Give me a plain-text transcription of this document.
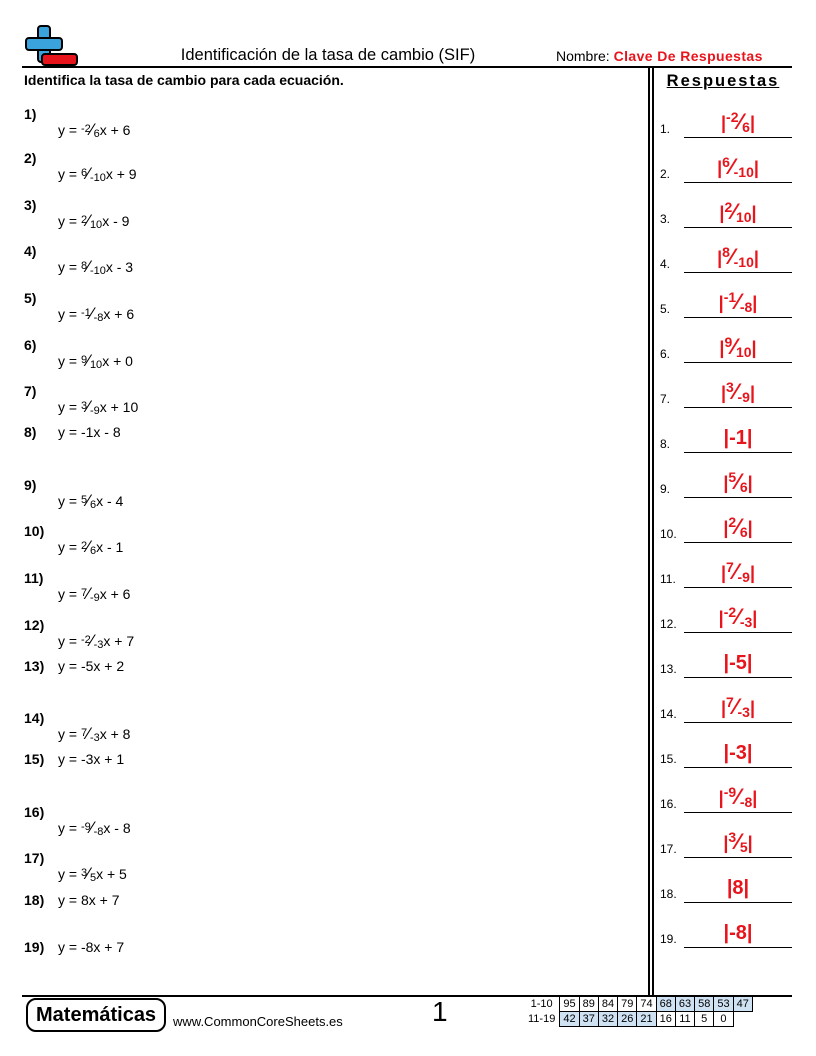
Identificación de la tasa de cambio (SIF)	Nombre: Clave De Respuestas
Identifica la tasa de cambio para cada ecuación.	Respuestas
1)
$y = ^{-2}⁄_6x + 6$
2)
$y = ^6⁄_{-10}x + 9$
3)
$y = ^2⁄_{10}x - 9$
4)
$y = ^8⁄_{-10}x - 3$
5)
$y = ^{-1}⁄_{-8}x + 6$
6)
$y = ^9⁄_{10}x + 0$
7)
$y = ^3⁄_{-9}x + 10$
8) y = -1x - 8
9)
$y = ^5⁄_6x - 4$
10)
$y = ^2⁄_6x - 1$
11)
$y = ^7⁄_{-9}x + 6$
12)
$y = ^{-2}⁄_{-3}x + 7$
13) y = -5x + 2
14)
$y = ^7⁄_{-3}x + 8$
15) y = -3x + 1
16)
$y = ^{-9}⁄_{-8}x - 8$
17)
$y = ^3⁄_5x + 5$
18) y = 8x + 7
19) y = -8x + 7
1.	$|^{-2}⁄_6|$
2.	$|^6⁄_{-10}|$
3.	$|^2⁄_{10}|$
4.	$|^8⁄_{-10}|$
5.	$|^{-1}⁄_{-8}|$
6.	$|^9⁄_{10}|$
7.	$|^3⁄_{-9}|$
8.	|-1|
9.	$|^5⁄_6|$
10.	$|^2⁄_6|$
11.	$|^7⁄_{-9}|$
12.	$|^{-2}⁄_{-3}|$
13.	|-5|
14.	$|^7⁄_{-3}|$
15.	|-3|
16.	$|^{-9}⁄_{-8}|$
17.	$|^3⁄_5|$
18.	|8|
19.	|-8|
Matemáticas	www.CommonCoreSheets.es	1	1-10	95	89	84	79	74	68	63	58	53	47
11-19	42	37	32	26	21	16	11	5	0	
